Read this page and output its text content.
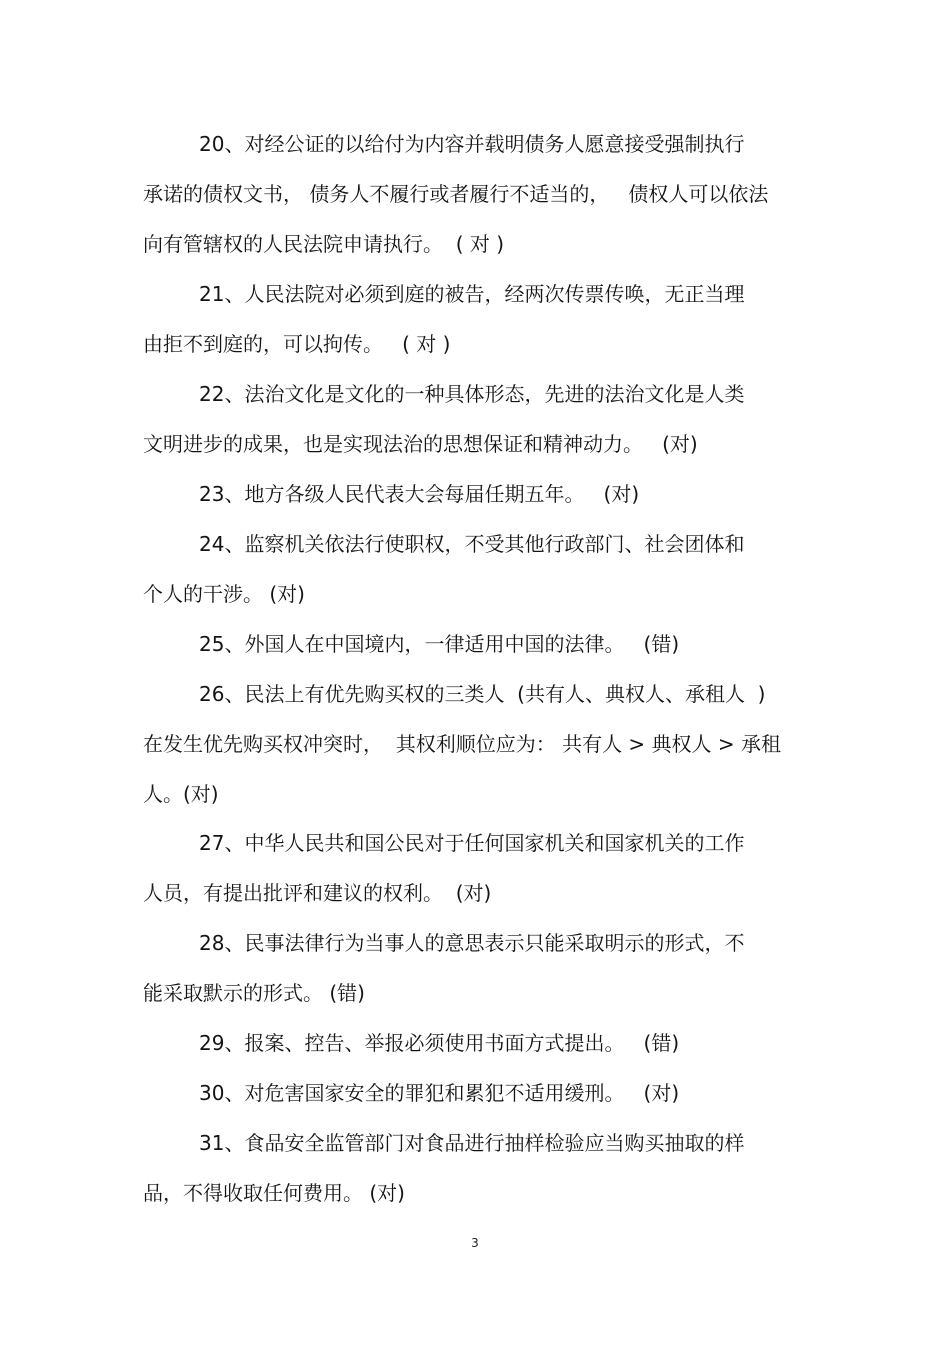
20、对经公证的以给付为内容并载明债务人愿意接受强制执行
承诺的债权文书， 债务人不履行或者履行不适当的，   债权人可以依法
向有管辖权的人民法院申请执行。  ( 对 )
21、人民法院对必须到庭的被告，经两次传票传唤，无正当理
由拒不到庭的，可以拘传。   ( 对 )
22、法治文化是文化的一种具体形态，先进的法治文化是人类
文明进步的成果，也是实现法治的思想保证和精神动力。   (对)
23、地方各级人民代表大会每届任期五年。   (对)
24、监察机关依法行使职权，不受其他行政部门、社会团体和
个人的干涉。 (对)
25、外国人在中国境内，一律适用中国的法律。   (错)
26、民法上有优先购买权的三类人  (共有人、典权人、承租人  )
在发生优先购买权冲突时，  其权利顺位应为： 共有人 > 典权人 > 承租
人。(对)
27、中华人民共和国公民对于任何国家机关和国家机关的工作
人员，有提出批评和建议的权利。  (对)
28、民事法律行为当事人的意思表示只能采取明示的形式，不
能采取默示的形式。 (错)
29、报案、控告、举报必须使用书面方式提出。   (错)
30、对危害国家安全的罪犯和累犯不适用缓刑。   (对)
31、食品安全监管部门对食品进行抽样检验应当购买抽取的样
品，不得收取任何费用。 (对)
3
